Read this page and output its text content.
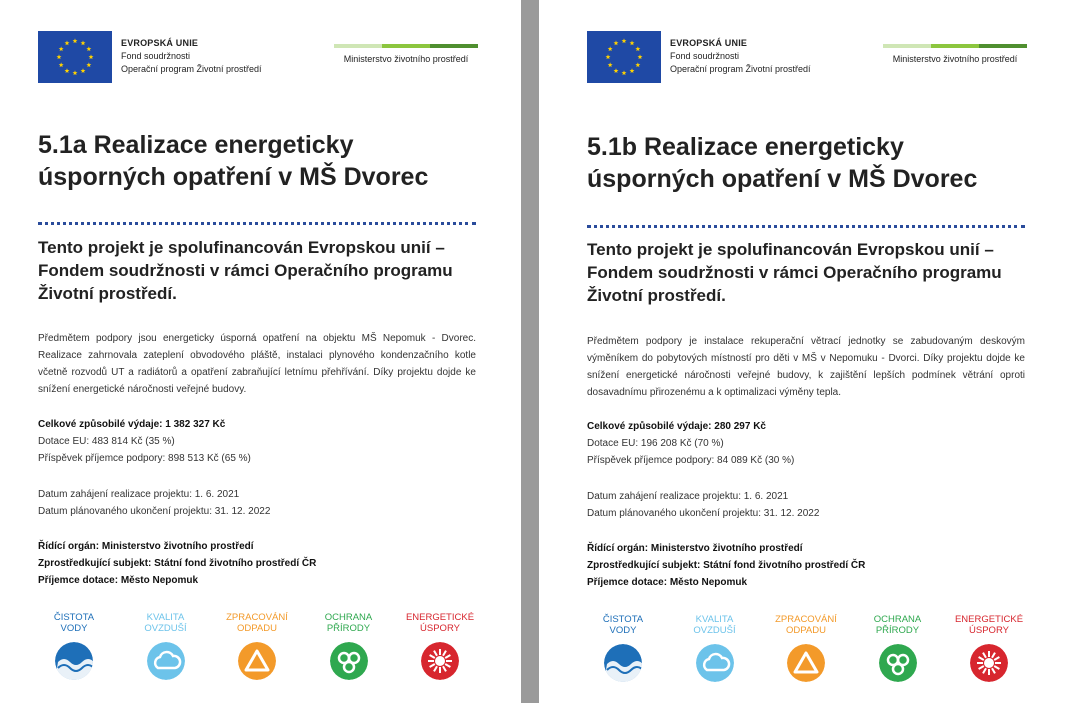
EVROPSKÁ UNIE
Fond soudržnosti
Operační program Životní prostředí
Ministerstvo životního prostředí
5.1a Realizace energeticky
úsporných opatření v MŠ Dvorec
Tento projekt je spolufinancován Evropskou unií –
Fondem soudržnosti v rámci Operačního programu
Životní prostředí.

Předmětem podpory jsou energeticky úsporná opatření na objektu MŠ Nepomuk - Dvorec. Realizace zahrnovala zateplení obvodového pláště, instalaci plynového kondenzačního kotle včetně rozvodů UT a radiátorů a opatření zabraňující letnímu přehřívání. Díky projektu dojde ke snížení energetické náročnosti veřejné budovy.

Celkové způsobilé výdaje: 1 382 327 Kč
Dotace EU: 483 814 Kč (35 %)
Příspěvek příjemce podpory: 898 513 Kč (65 %)
Datum zahájení realizace projektu: 1. 6. 2021
Datum plánovaného ukončení projektu: 31. 12. 2022
Řídící orgán: Ministerstvo životního prostředí
Zprostředkující subjekt: Státní fond životního prostředí ČR
Příjemce dotace: Město Nepomuk
ČISTOTA
VODY
KVALITA
OVZDUŠÍ
ZPRACOVÁNÍ
ODPADU
OCHRANA
PŘÍRODY
ENERGETICKÉ
ÚSPORY
EVROPSKÁ UNIE
Fond soudržnosti
Operační program Životní prostředí
Ministerstvo životního prostředí
5.1b Realizace energeticky
úsporných opatření v MŠ Dvorec
Tento projekt je spolufinancován Evropskou unií –
Fondem soudržnosti v rámci Operačního programu
Životní prostředí.

Předmětem podpory je instalace rekuperační větrací jednotky se zabudovaným deskovým výměníkem do pobytových místností pro děti v MŠ v Nepomuku - Dvorci. Díky projektu dojde ke snížení energetické náročnosti veřejné budovy, k zajištění lepších podmínek větrání oproti dosavadnímu přirozenému a k optimalizaci výměny tepla.

Celkové způsobilé výdaje: 280 297 Kč
Dotace EU: 196 208 Kč (70 %)
Příspěvek příjemce podpory: 84 089 Kč (30 %)
Datum zahájení realizace projektu: 1. 6. 2021
Datum plánovaného ukončení projektu: 31. 12. 2022
Řídící orgán: Ministerstvo životního prostředí
Zprostředkující subjekt: Státní fond životního prostředí ČR
Příjemce dotace: Město Nepomuk
ČISTOTA
VODY
KVALITA
OVZDUŠÍ
ZPRACOVÁNÍ
ODPADU
OCHRANA
PŘÍRODY
ENERGETICKÉ
ÚSPORY
